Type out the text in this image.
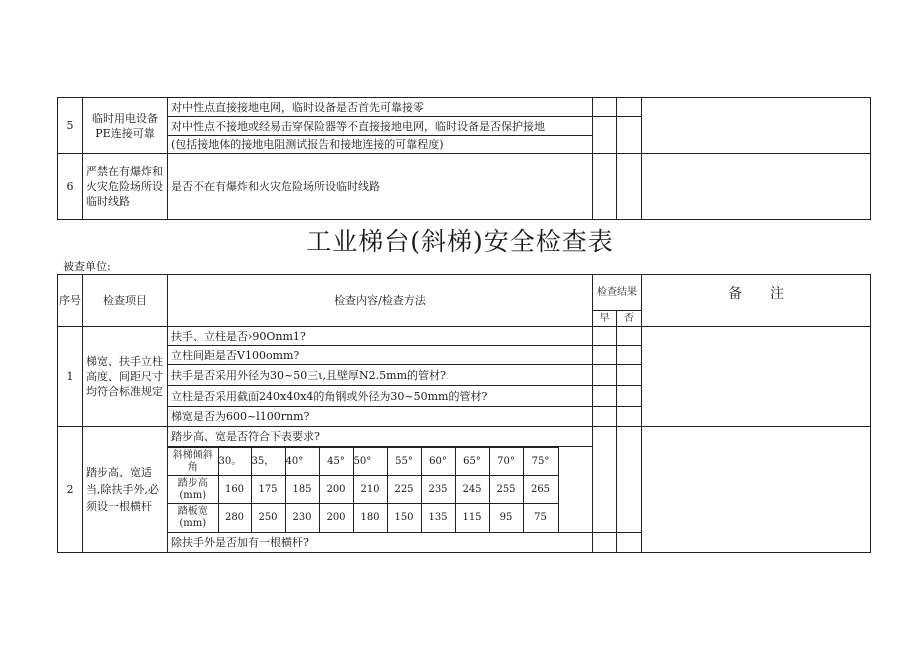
5	临时用电设备PE连接可靠	对中性点直接接地电网，临时设备是否首先可靠接零			
		对中性点不接地或经易击穿保险器等不直接接地电网，临时设备是否保护接地			
		(包括接地体的接地电阻测试报告和接地连接的可靠程度)			
6	严禁在有爆炸和火灾危险场所设临时线路	是否不在有爆炸和火灾危险场所设临时线路			
工业梯台(斜梯)安全检查表
被查单位:
序号	检查项目	检查内容/检查方法	检查结果	备　　注
早	否
1	梯宽、扶手立柱高度、间距尺寸均符合标准规定	扶手、立柱是否›90Onm1?			
立柱间距是否V100omm?		
扶手是否采用外径为30~50三ι,且壁厚N2.5mm的管材?		
立柱是否采用截面240x40x4的角钢或外径为30~50mm的管材?		
梯宽是否为600~l100rnm?		
2	踏步高、宽适当,除扶手外,必须设一根横杆	踏步高、宽是否符合下表要求?			

斜梯倾斜角	30。	35，	40°	45°	50°	55°	60°	65°	70°	75°
踏步高(mm)	160	175	185	200	210	225	235	245	255	265
踏板宽(mm)	280	250	230	200	180	150	135	115	95	75

除扶手外是否加有一根横杆?		
